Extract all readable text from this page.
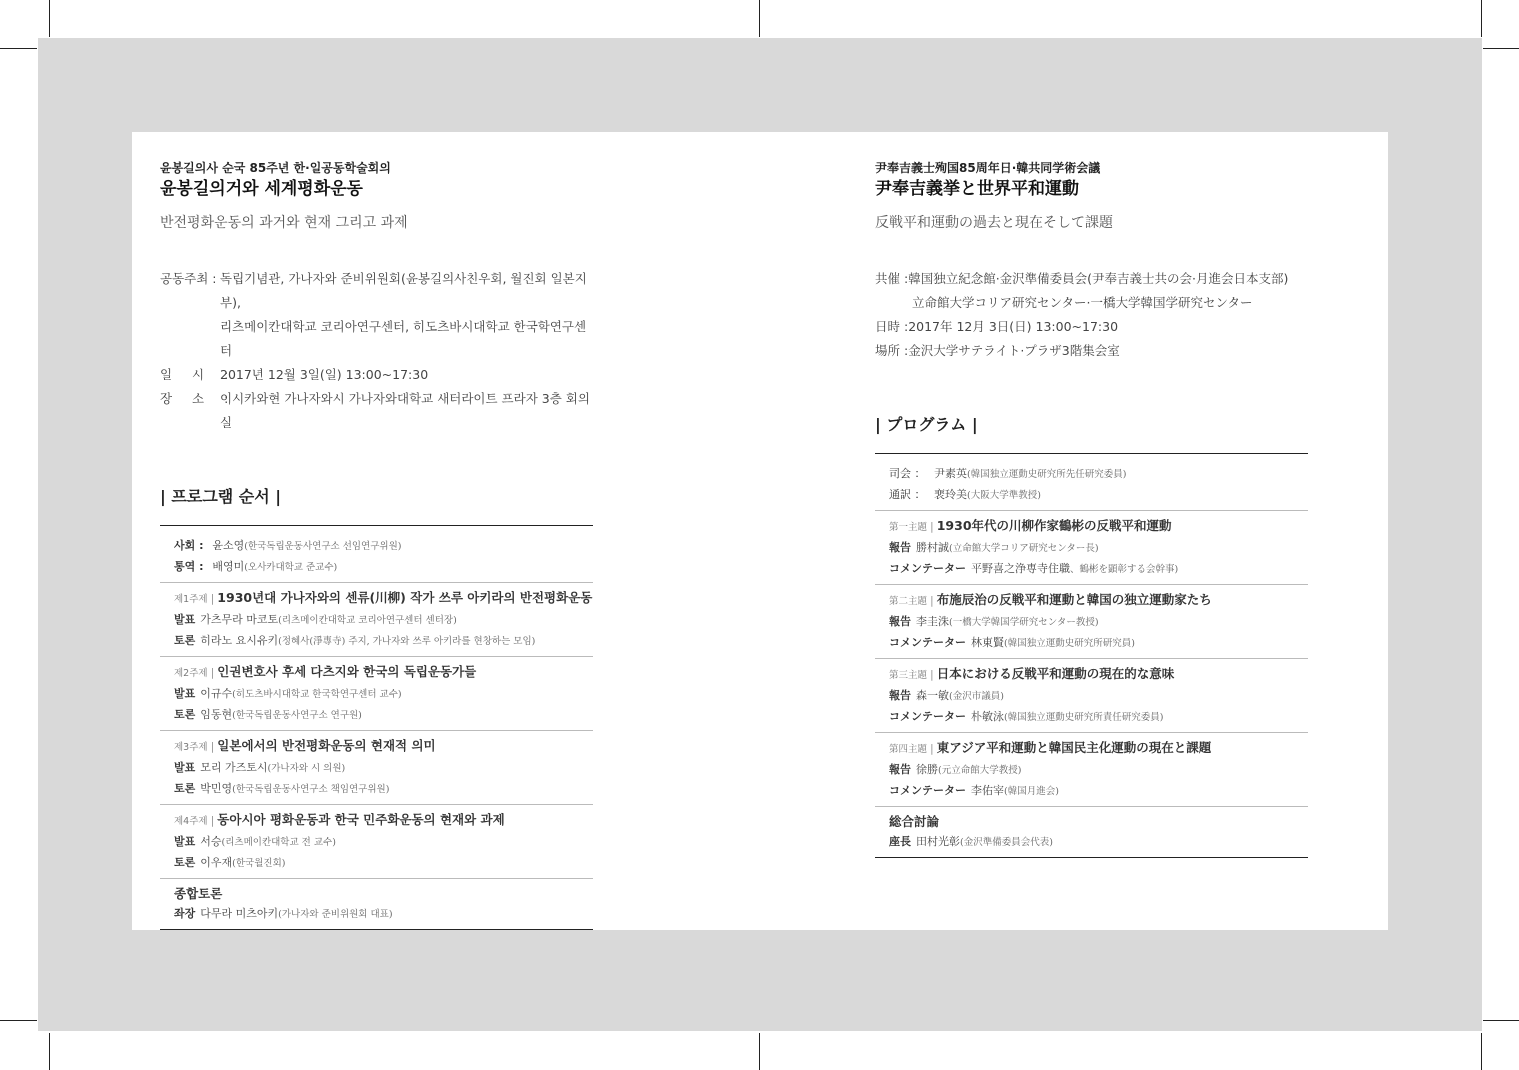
윤봉길의사 순국 85주년 한·일공동학술회의
윤봉길의거와 세계평화운동
반전평화운동의 과거와 현재 그리고 과제
공동주최 : 독립기념관, 가나자와 준비위원회(윤봉길의사친우회, 월진회 일본지부),
리츠메이칸대학교 코리아연구센터, 히도츠바시대학교 한국학연구센터
일 시 :
2017년 12월 3일(일) 13:00~17:30
장 소 :
이시카와현 가나자와시 가나자와대학교 새터라이트 프라자 3층 회의실
| 프로그램 순서 |
사회 : 윤소영(한국독립운동사연구소 선임연구위원)
통역 : 배영미(오사카대학교 준교수)
제1주제 | 1930년대 가나자와의 센류(川柳) 작가 쓰루 아키라의 반전평화운동
발표 가츠무라 마코토(리츠메이칸대학교 코리아연구센터 센터장)
토론 히라노 요시유키(정혜사(淨專寺) 주지, 가나자와 쓰루 아키라를 현창하는 모임)
제2주제 | 인권변호사 후세 다츠지와 한국의 독립운동가들
발표 이규수(히도츠바시대학교 한국학연구센터 교수)
토론 임동현(한국독립운동사연구소 연구원)
제3주제 | 일본에서의 반전평화운동의 현재적 의미
발표 모리 가즈토시(가나자와 시 의원)
토론 박민영(한국독립운동사연구소 책임연구위원)
제4주제 | 동아시아 평화운동과 한국 민주화운동의 현재와 과제
발표 서승(리츠메이칸대학교 전 교수)
토론 이우재(한국월진회)
종합토론
좌장 다무라 미츠아키(가나자와 준비위원회 대표)
尹奉吉義士殉国85周年日·韓共同学術会議
尹奉吉義挙と世界平和運動
反戦平和運動の過去と現在そして課題
共催 : 韓国独立紀念館·金沢準備委員会(尹奉吉義士共の会·月進会日本支部)
立命館大学コリア研究センター·一橋大学韓国学研究センター
日時 : 2017年 12月 3日(日) 13:00~17:30
場所 : 金沢大学サテライト·プラザ3階集会室
| プログラム |
司会 ： 尹素英(韓国独立運動史研究所先任研究委員)
通訳 ： 裵玲美(大阪大学準教授)
第一主題 | 1930年代の川柳作家鶴彬の反戦平和運動
報告 勝村誠(立命館大学コリア研究センター長)
コメンテーター 平野喜之浄専寺住職、鶴彬を顕彰する会幹事)
第二主題 | 布施辰治の反戦平和運動と韓国の独立運動家たち
報告 李圭洙(一橋大学韓国学研究センター教授)
コメンテーター 林東賢(韓国独立運動史研究所研究員)
第三主題 | 日本における反戦平和運動の現在的な意味
報告 森一敏(金沢市議員)
コメンテーター 朴敏泳(韓国独立運動史研究所責任研究委員)
第四主題 | 東アジア平和運動と韓国民主化運動の現在と課題
報告 徐勝(元立命館大学教授)
コメンテーター 李佑宰(韓国月進会)
総合討論
座長 田村光彰(金沢準備委員会代表)
